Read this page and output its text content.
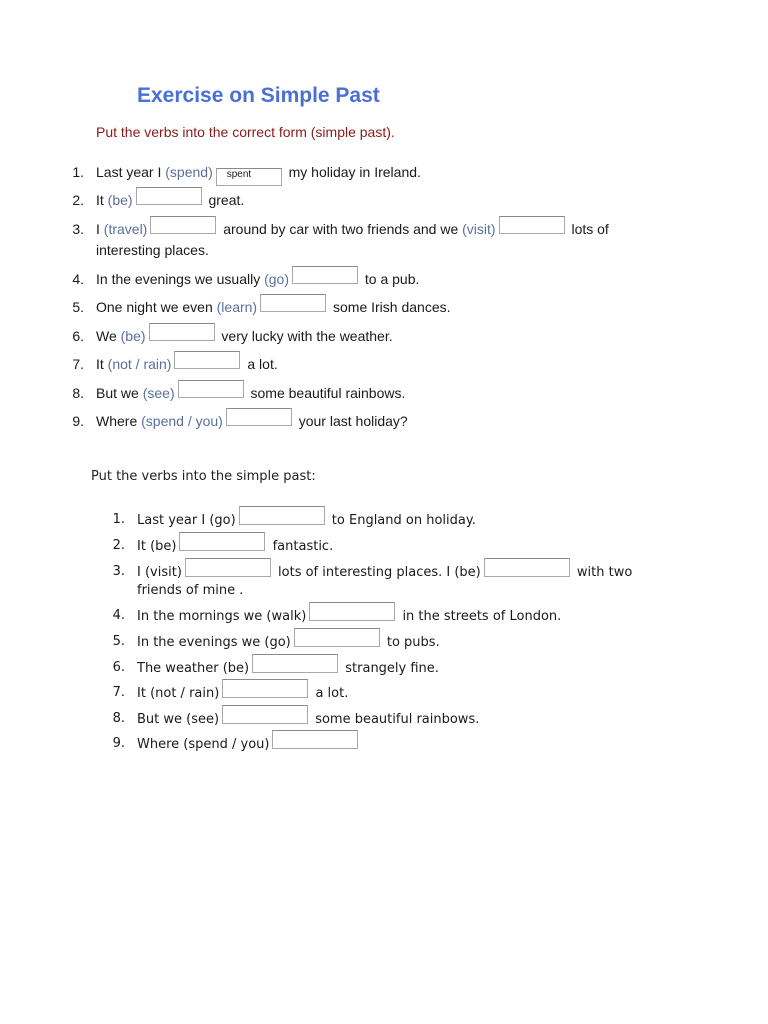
Exercise on Simple Past
Put the verbs into the correct form (simple past).
1. Last year I (spend) spent my holiday in Ireland.
2. It (be)	great.
3. I (travel)	around by car with two friends and we (visit)	lots of
interesting places.
4. In the evenings we usually (go)	to a pub.
5. One night we even (learn)	some Irish dances.
6. We (be)	very lucky with the weather.
7. It (not / rain)	a lot.
8. But we (see)	some beautiful rainbows.
9. Where (spend / you)	your last holiday?
Put the verbs into the simple past:
1. Last year I (go)	to England on holiday.
2. It (be)	fantastic.
3. I (visit)	lots of interesting places. I (be)	with two
friends of mine .
4. In the mornings we (walk)	in the streets of London.
5. In the evenings we (go)	to pubs.
6. The weather (be)	strangely fine.
7. It (not / rain)	a lot.
8. But we (see)	some beautiful rainbows.
9. Where (spend / you)
